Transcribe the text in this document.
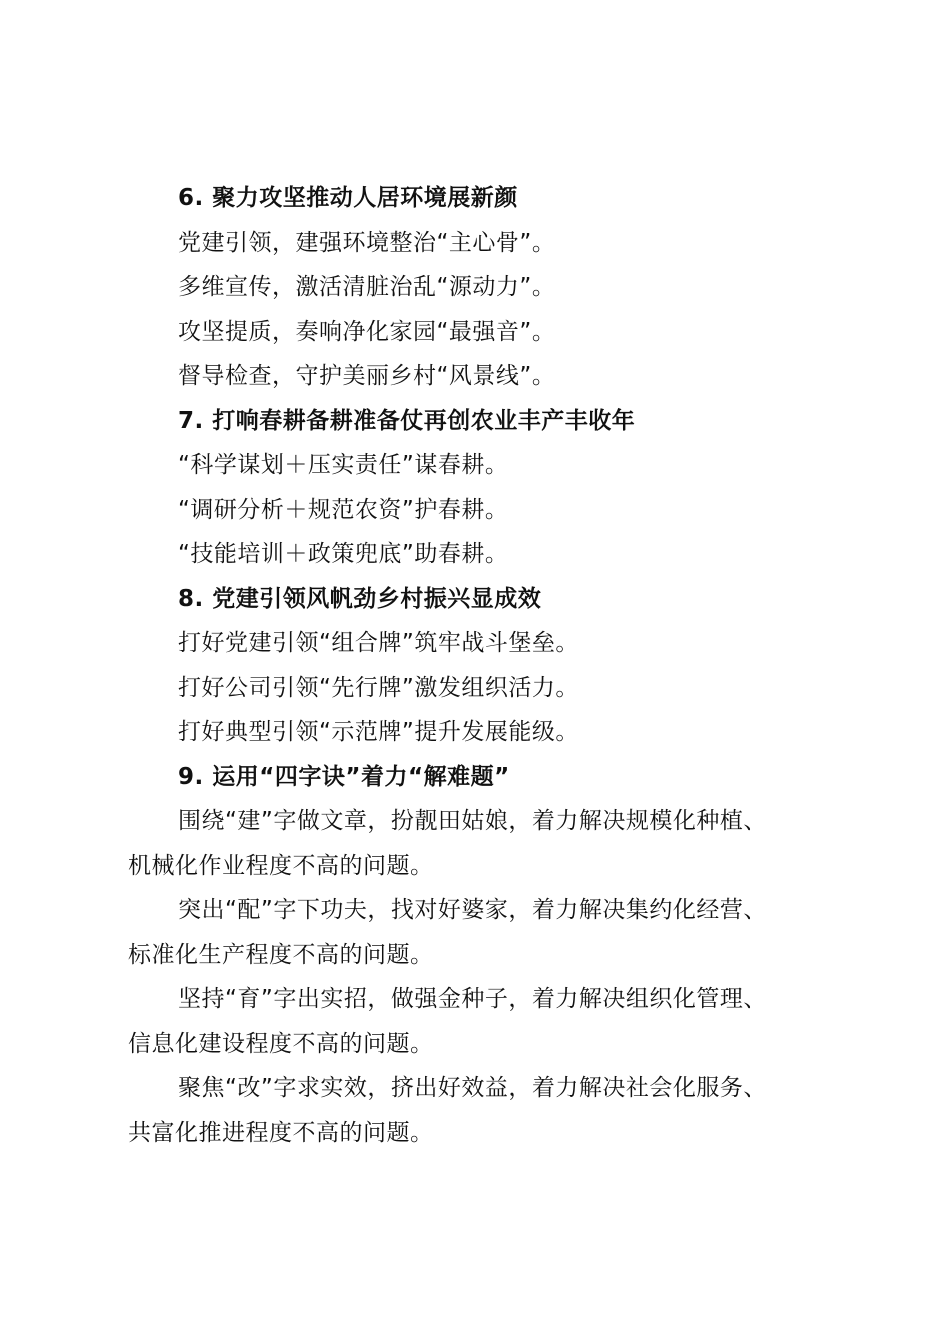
6. 聚力攻坚推动人居环境展新颜
党建引领，建强环境整治“主心骨”。
多维宣传，激活清脏治乱“源动力”。
攻坚提质，奏响净化家园“最强音”。
督导检查，守护美丽乡村“风景线”。
7. 打响春耕备耕准备仗再创农业丰产丰收年
“科学谋划＋压实责任”谋春耕。
“调研分析＋规范农资”护春耕。
“技能培训＋政策兜底”助春耕。
8. 党建引领风帆劲乡村振兴显成效
打好党建引领“组合牌”筑牢战斗堡垒。
打好公司引领“先行牌”激发组织活力。
打好典型引领“示范牌”提升发展能级。
9. 运用“四字诀”着力“解难题”
围绕“建”字做文章，扮靓田姑娘，着力解决规模化种植、
机械化作业程度不高的问题。
突出“配”字下功夫，找对好婆家，着力解决集约化经营、
标准化生产程度不高的问题。
坚持“育”字出实招，做强金种子，着力解决组织化管理、
信息化建设程度不高的问题。
聚焦“改”字求实效，挤出好效益，着力解决社会化服务、
共富化推进程度不高的问题。
